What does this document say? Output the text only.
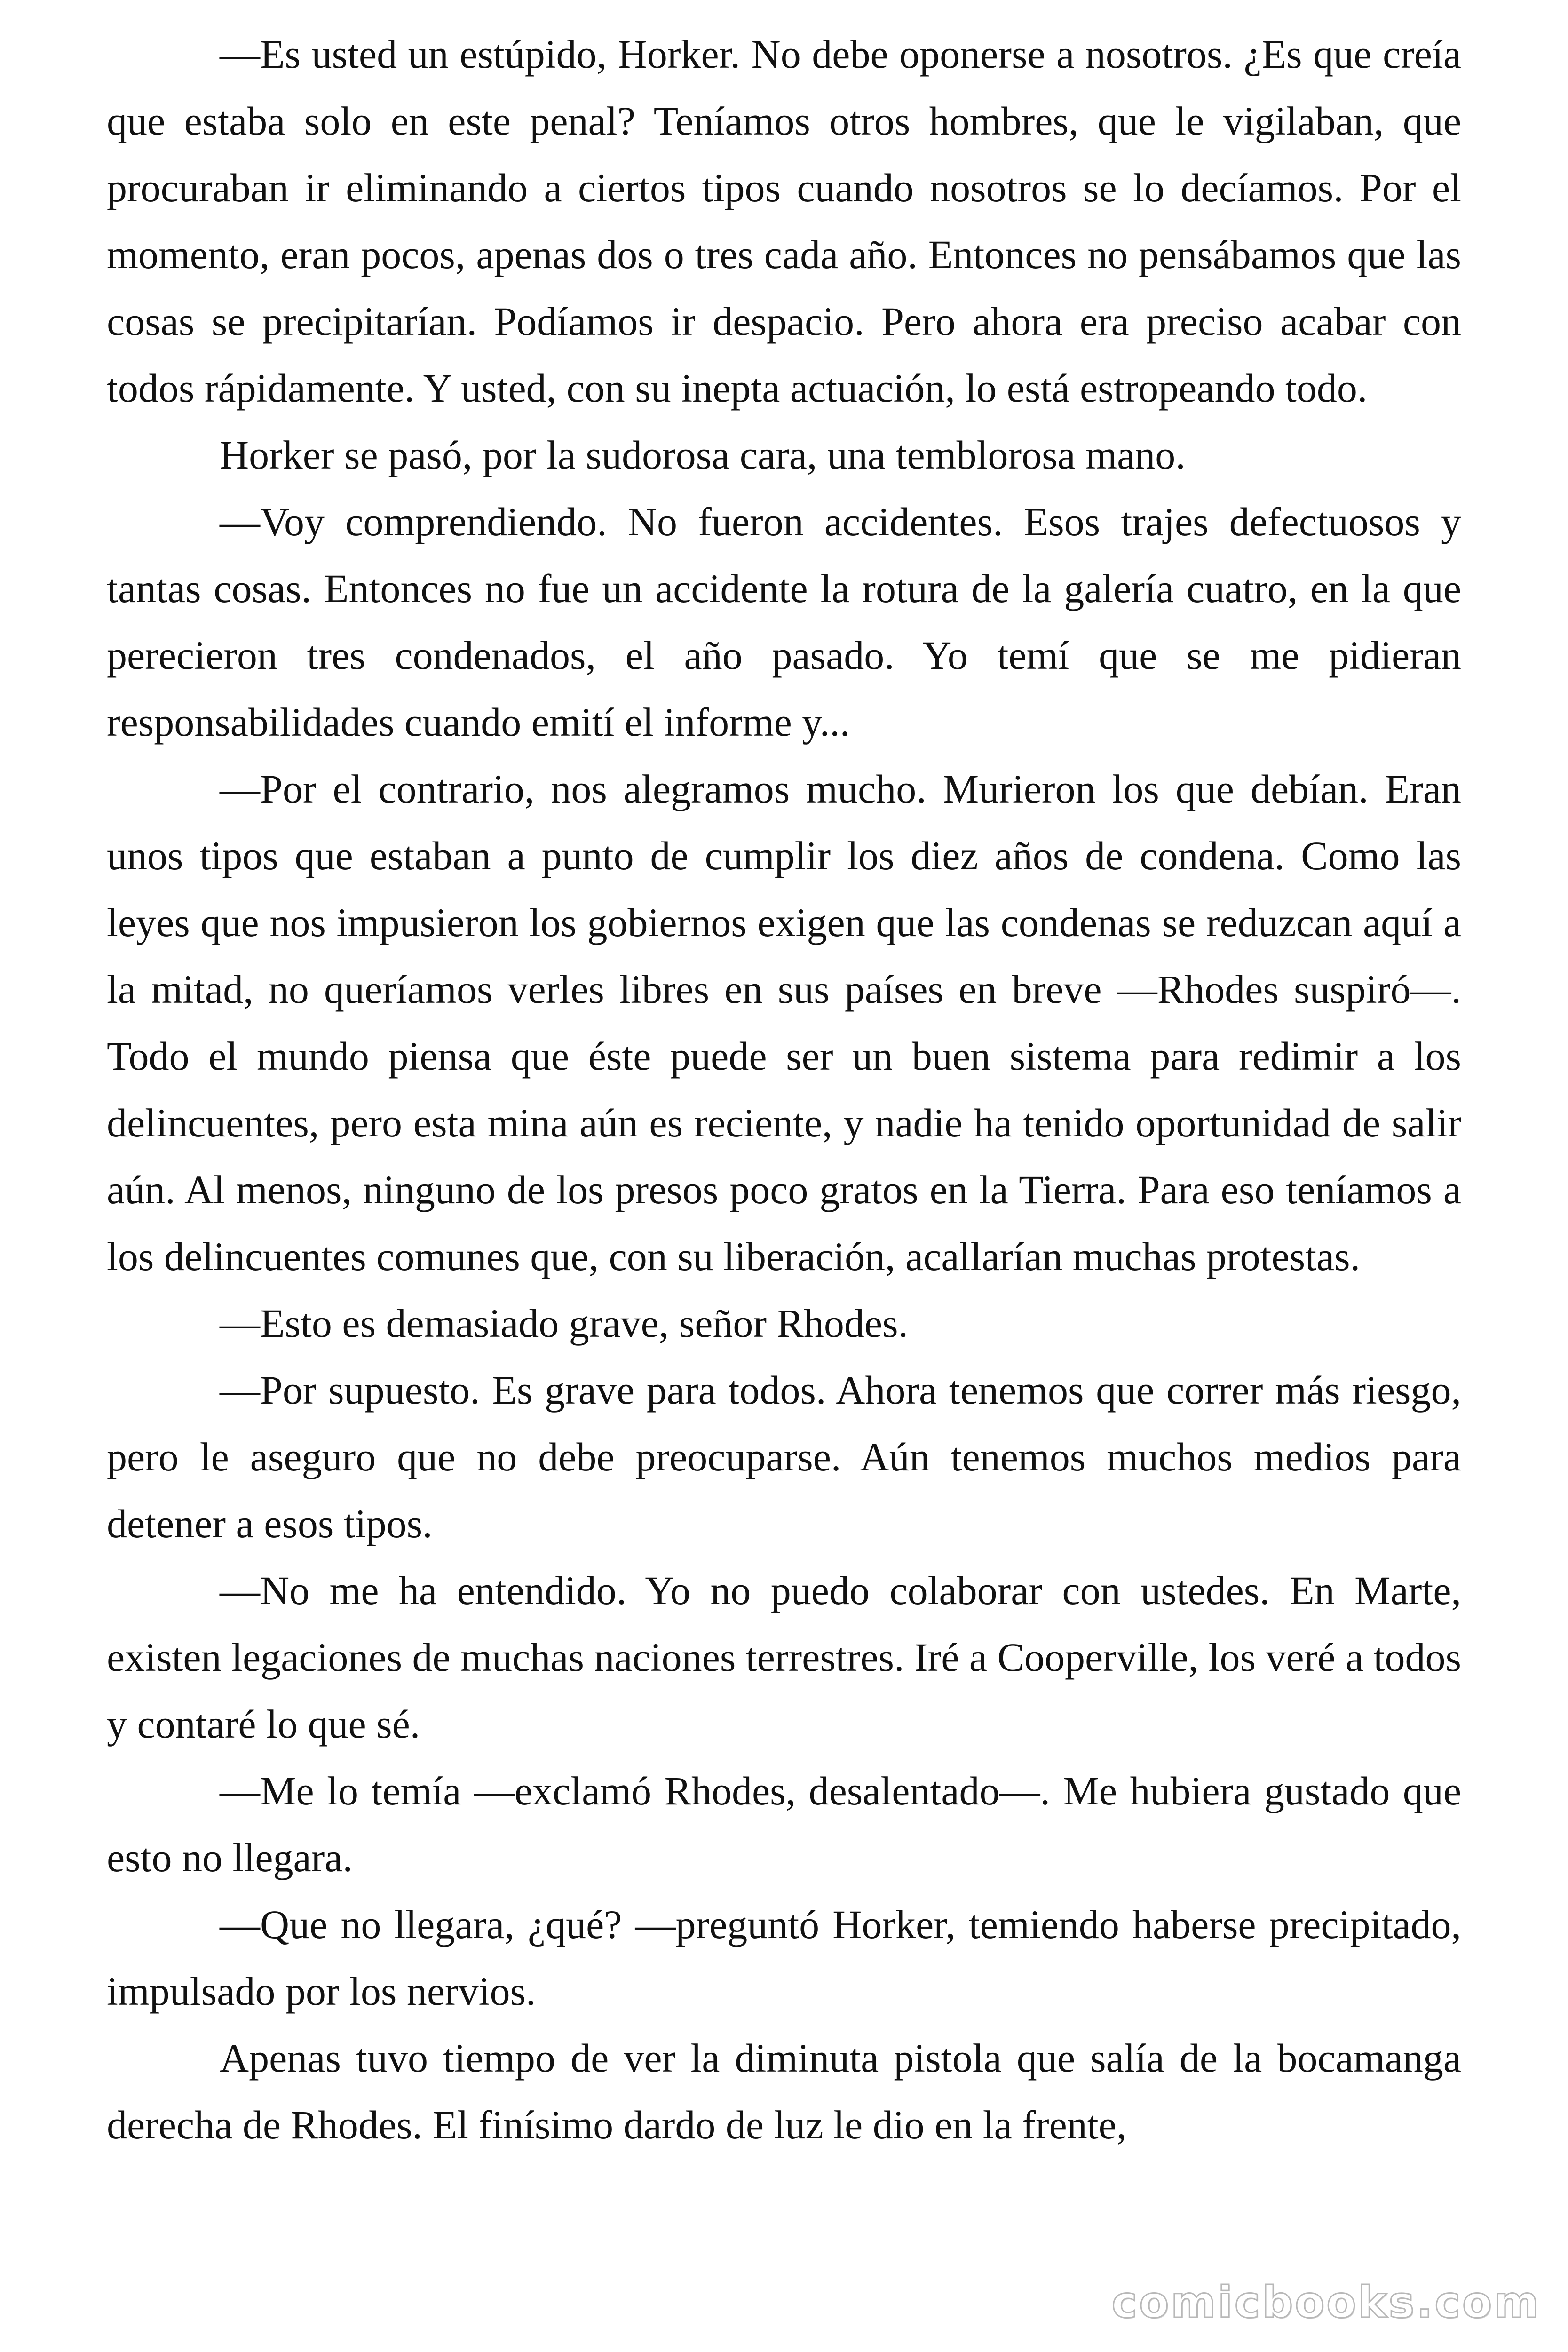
—Es usted un estúpido, Horker. No debe oponerse a nosotros. ¿Es que creía que estaba solo en este penal? Teníamos otros hombres, que le vigilaban, que procuraban ir eliminando a ciertos tipos cuando nosotros se lo decíamos. Por el momento, eran pocos, apenas dos o tres cada año. Entonces no pensábamos que las cosas se precipitarían. Podíamos ir despacio. Pero ahora era preciso acabar con todos rápidamente. Y usted, con su inepta actuación, lo está estropeando todo.

Horker se pasó, por la sudorosa cara, una temblorosa mano.

—Voy comprendiendo. No fueron accidentes. Esos trajes defectuosos y tantas cosas. Entonces no fue un accidente la rotura de la galería cuatro, en la que perecieron tres condenados, el año pasado. Yo temí que se me pidieran responsabilidades cuando emití el informe y...

—Por el contrario, nos alegramos mucho. Murieron los que debían. Eran unos tipos que estaban a punto de cumplir los diez años de condena. Como las leyes que nos impusieron los gobiernos exigen que las condenas se reduzcan aquí a la mitad, no queríamos verles libres en sus países en breve —Rhodes suspiró—. Todo el mundo piensa que éste puede ser un buen sistema para redimir a los delincuentes, pero esta mina aún es reciente, y nadie ha tenido oportunidad de salir aún. Al menos, ninguno de los presos poco gratos en la Tierra. Para eso teníamos a los delincuentes comunes que, con su liberación, acallarían muchas protestas.

—Esto es demasiado grave, señor Rhodes.

—Por supuesto. Es grave para todos. Ahora tenemos que correr más riesgo, pero le aseguro que no debe preocuparse. Aún tenemos muchos medios para detener a esos tipos.

—No me ha entendido. Yo no puedo colaborar con ustedes. En Marte, existen legaciones de muchas naciones terrestres. Iré a Cooperville, los veré a todos y contaré lo que sé.

—Me lo temía —exclamó Rhodes, desalentado—. Me hubiera gustado que esto no llegara.

—Que no llegara, ¿qué? —preguntó Horker, temiendo haberse precipitado, impulsado por los nervios.

Apenas tuvo tiempo de ver la diminuta pistola que salía de la bocamanga derecha de Rhodes. El finísimo dardo de luz le dio en la frente,

comicbooks.com
